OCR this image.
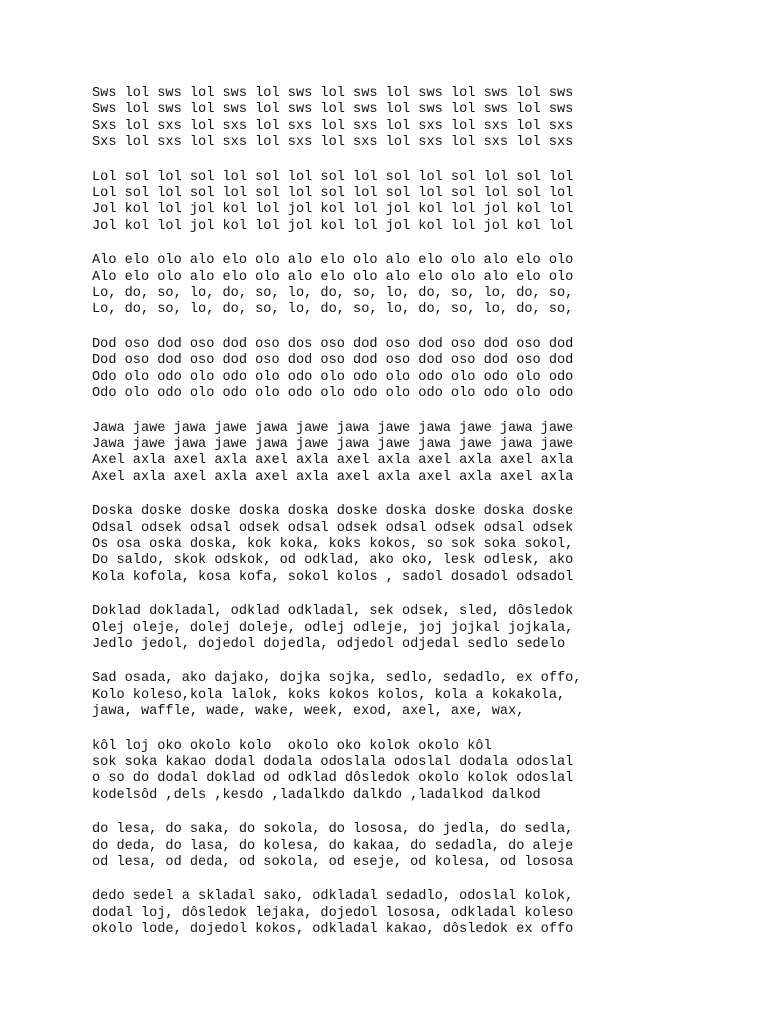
Sws lol sws lol sws lol sws lol sws lol sws lol sws lol sws
Sws lol sws lol sws lol sws lol sws lol sws lol sws lol sws
Sxs lol sxs lol sxs lol sxs lol sxs lol sxs lol sxs lol sxs
Sxs lol sxs lol sxs lol sxs lol sxs lol sxs lol sxs lol sxs
Lol sol lol sol lol sol lol sol lol sol lol sol lol sol lol
Lol sol lol sol lol sol lol sol lol sol lol sol lol sol lol
Jol kol lol jol kol lol jol kol lol jol kol lol jol kol lol
Jol kol lol jol kol lol jol kol lol jol kol lol jol kol lol
Alo elo olo alo elo olo alo elo olo alo elo olo alo elo olo
Alo elo olo alo elo olo alo elo olo alo elo olo alo elo olo
Lo, do, so, lo, do, so, lo, do, so, lo, do, so, lo, do, so,
Lo, do, so, lo, do, so, lo, do, so, lo, do, so, lo, do, so,
Dod oso dod oso dod oso dos oso dod oso dod oso dod oso dod
Dod oso dod oso dod oso dod oso dod oso dod oso dod oso dod
Odo olo odo olo odo olo odo olo odo olo odo olo odo olo odo
Odo olo odo olo odo olo odo olo odo olo odo olo odo olo odo
Jawa jawe jawa jawe jawa jawe jawa jawe jawa jawe jawa jawe
Jawa jawe jawa jawe jawa jawe jawa jawe jawa jawe jawa jawe
Axel axla axel axla axel axla axel axla axel axla axel axla
Axel axla axel axla axel axla axel axla axel axla axel axla
Doska doske doske doska doska doske doska doske doska doske
Odsal odsek odsal odsek odsal odsek odsal odsek odsal odsek
Os osa oska doska, kok koka, koks kokos, so sok soka sokol,
Do saldo, skok odskok, od odklad, ako oko, lesk odlesk, ako
Kola kofola, kosa kofa, sokol kolos , sadol dosadol odsadol
Doklad dokladal, odklad odkladal, sek odsek, sled, dôsledok
Olej oleje, dolej doleje, odlej odleje, joj jojkal jojkala,
Jedlo jedol, dojedol dojedla, odjedol odjedal sedlo sedelo
Sad osada, ako dajako, dojka sojka, sedlo, sedadlo, ex offo,
Kolo koleso,kola lalok, koks kokos kolos, kola a kokakola,
jawa, waffle, wade, wake, week, exod, axel, axe, wax,
kôl loj oko okolo kolo  okolo oko kolok okolo kôl
sok soka kakao dodal dodala odoslala odoslal dodala odoslal
o so do dodal doklad od odklad dôsledok okolo kolok odoslal
kodelsôd ,dels ,kesdo ,ladalkdo dalkdo ,ladalkod dalkod
do lesa, do saka, do sokola, do lososa, do jedla, do sedla,
do deda, do lasa, do kolesa, do kakaa, do sedadla, do aleje
od lesa, od deda, od sokola, od eseje, od kolesa, od lososa
dedo sedel a skladal sako, odkladal sedadlo, odoslal kolok,
dodal loj, dôsledok lejaka, dojedol lososa, odkladal koleso
okolo lode, dojedol kokos, odkladal kakao, dôsledok ex offo
